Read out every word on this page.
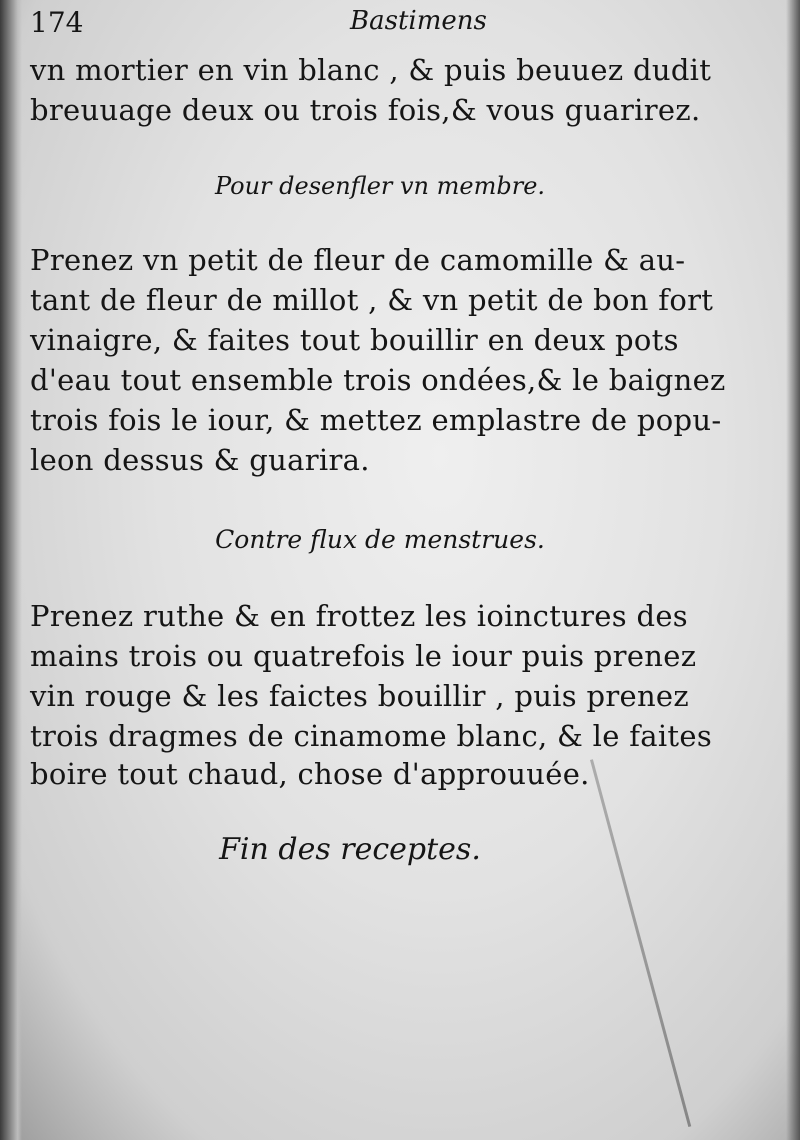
174	Bastimens
vn mortier en vin blanc , & puis beuuez dudit
breuuage deux ou trois fois,& vous guarirez.
Pour desenfler vn membre.
Prenez vn petit de fleur de camomille & au-
tant de fleur de millot , & vn petit de bon fort
vinaigre, & faites tout bouillir en deux pots
d'eau tout ensemble trois ondées,& le baignez
trois fois le iour, & mettez emplastre de popu-
leon dessus & guarira.
Contre flux de menstrues.
Prenez ruthe & en frottez les ioinctures des
mains trois ou quatrefois le iour puis prenez
vin rouge & les faictes bouillir , puis prenez
trois dragmes de cinamome blanc, & le faites
boire tout chaud, chose d'approuuée.
Fin des receptes.
